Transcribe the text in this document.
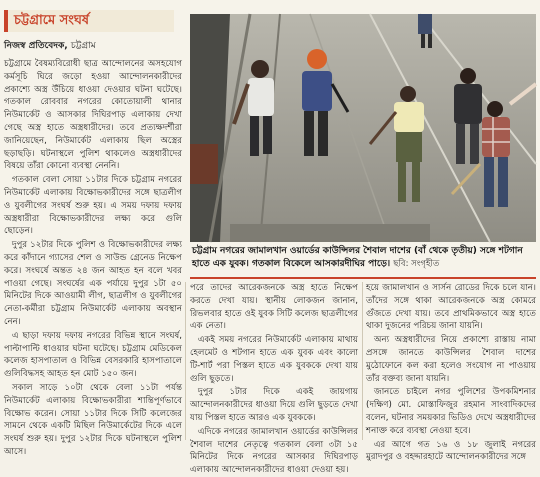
চট্টগ্রামে সংঘর্ষ
নিজস্ব প্রতিবেদক, চট্টগ্রাম

চট্টগ্রামে বৈষম্যবিরোধী ছাত্র আন্দোলনের অসহযোগ কর্মসূচি ঘিরে জড়ো হওয়া আন্দোলনকারীদের প্রকাশ্যে অস্ত্র উঁচিয়ে ধাওয়া দেওয়ার ঘটনা ঘটেছে। গতকাল রোববার নগরের কোতোয়ালী থানার নিউমার্কেট ও আসকার দিঘিরপাড় এলাকায় দেখা গেছে অস্ত্র হাতে অস্ত্রধারীদের। তবে প্রত্যক্ষদর্শীরা জানিয়েছেন, নিউমার্কেট এলাকায় ছিল অস্ত্রের ছড়াছড়ি। ঘটনাস্থলে পুলিশ থাকলেও অস্ত্রধারীদের বিষয়ে তাঁরা কোনো ব্যবস্থা নেননি।

গতকাল বেলা সোয়া ১১টার দিকে চট্টগ্রাম নগরের নিউমার্কেট এলাকায় বিক্ষোভকারীদের সঙ্গে ছাত্রলীগ ও যুবলীগের সংঘর্ষ শুরু হয়। এ সময় দফায় দফায় অস্ত্রধারীরা বিক্ষোভকারীদের লক্ষ্য করে গুলি ছোড়েন।

দুপুর ১২টার দিকে পুলিশ ও বিক্ষোভকারীদের লক্ষ্য করে কাঁদানে গ্যাসের শেল ও সাউন্ড গ্রেনেড নিক্ষেপ করে। সংঘর্ষে অন্তত ২৪ জন আহত হন বলে খবর পাওয়া গেছে। সংঘর্ষের এক পর্যায়ে দুপুর ১টা ৫০ মিনিটের দিকে আওয়ামী লীগ, ছাত্রলীগ ও যুবলীগের নেতা-কর্মীরা চট্টগ্রাম নিউমার্কেট এলাকায় অবস্থান নেন।

এ ছাড়া দফায় দফায় নগরের বিভিন্ন স্থানে সংঘর্ষ, পাল্টাপাল্টি ধাওয়ার ঘটনা ঘটেছে। চট্টগ্রাম মেডিকেল কলেজ হাসপাতাল ও বিভিন্ন বেসরকারি হাসপাতালে গুলিবিদ্ধসহ আহত হন মোট ১৫০ জন।

সকাল সাড়ে ১০টা থেকে বেলা ১১টা পর্যন্ত নিউমার্কেট এলাকায় বিক্ষোভকারীরা শান্তিপূর্ণভাবে বিক্ষোভ করেন। সোয়া ১১টার দিকে সিটি কলেজের সামনে থেকে একটি মিছিল নিউমার্কেটের দিকে এলে সংঘর্ষ শুরু হয়। দুপুর ১২টার দিকে ঘটনাস্থলে পুলিশ আসে।

চট্টগ্রাম নগরের জামালখান ওয়ার্ডের কাউন্সিলর শৈবাল দাশের (বাঁ থেকে তৃতীয়) সঙ্গে শটগান হাতে এক যুবক। গতকাল বিকেলে আসকারদীঘির পাড়ে। ছবি: সংগৃহীত

পরে তাদের আরেকজনকে অস্ত্র হাতে নিক্ষেপ করতে দেখা যায়। স্থানীয় লোকজন জানান, রিভলবার হাতে ওই যুবক সিটি কলেজ ছাত্রলীগের এক নেতা।

একই সময় নগরের নিউমার্কেট এলাকায় মাথায় হেলমেট ও শটগান হাতে এক যুবক এবং কালো টি-শার্ট পরা পিস্তল হাতে এক যুবককে দেখা যায় গুলি ছুড়তে।

দুপুর ১টার দিকে একই জায়গায় আন্দোলনকারীদের ধাওয়া দিয়ে গুলি ছুড়তে দেখা যায় পিস্তল হাতে আরও এক যুবককে।

এদিকে নগরের জামালখান ওয়ার্ডের কাউন্সিলর শৈবাল দাশের নেতৃত্বে গতকাল বেলা ৩টা ১৫ মিনিটের দিকে নগরের আসকার দিঘিরপাড় এলাকায় আন্দোলনকারীদের ধাওয়া দেওয়া হয়।

হয়ে জামালখান ও সার্সন রোডের দিকে চলে যান। তাঁদের সঙ্গে থাকা আরেকজনকে অস্ত্র কোমরে গুঁজতে দেখা যায়। তবে প্রাথমিকভাবে অস্ত্র হাতে থাকা দুজনের পরিচয় জানা যায়নি।

অন্য অস্ত্রধারীদের নিয়ে প্রকাশ্যে রাস্তায় নামা প্রসঙ্গে জানতে কাউন্সিলর শৈবাল দাশের মুঠোফোনে কল করা হলেও সংযোগ না পাওয়ায় তাঁর বক্তব্য জানা যায়নি।

জানতে চাইলে নগর পুলিশের উপকমিশনার (দক্ষিণ) মো. মোস্তাফিজুর রহমান সাংবাদিকদের বলেন, ঘটনার সময়কার ভিডিও দেখে অস্ত্রধারীদের শনাক্ত করে ব্যবস্থা নেওয়া হবে।

এর আগে গত ১৬ ও ১৮ জুলাই নগরের মুরাদপুর ও বহদ্দারহাটে আন্দোলনকারীদের সঙ্গে
